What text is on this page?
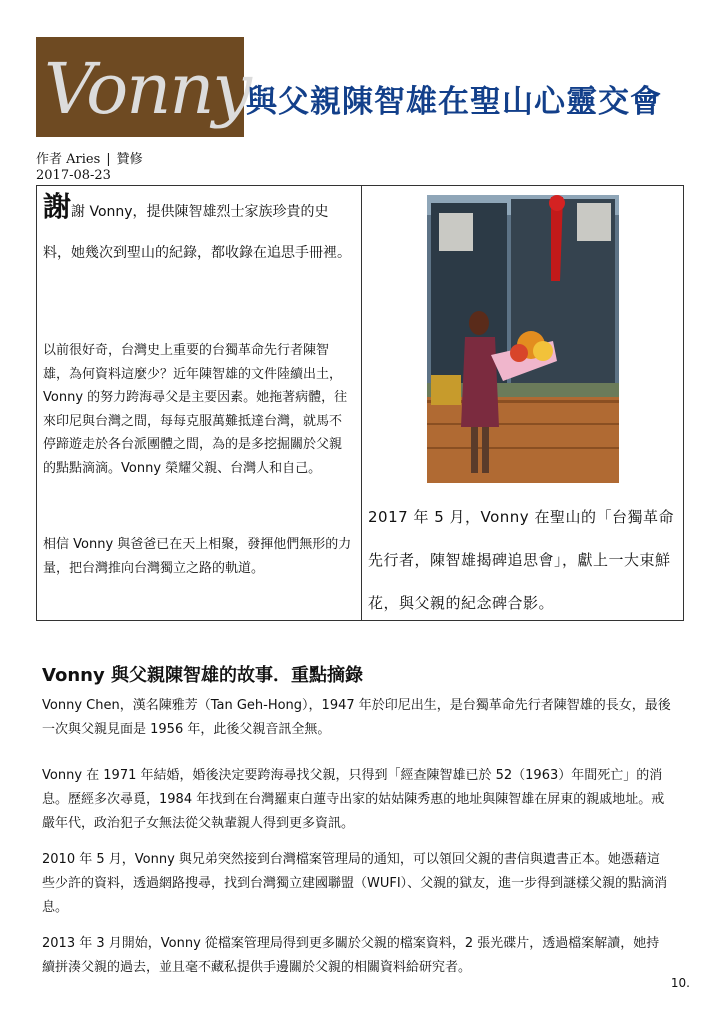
Vonny
與父親陳智雄在聖山心靈交會
作者 Aries | 贊修
2017-08-23
謝謝 Vonny，提供陳智雄烈士家族珍貴的史料，她幾次到聖山的紀錄，都收錄在追思手冊裡。
以前很好奇，台灣史上重要的台獨革命先行者陳智雄，為何資料這麼少？近年陳智雄的文件陸續出土，Vonny 的努力跨海尋父是主要因素。她拖著病體，往來印尼與台灣之間，每每克服萬難抵達台灣，就馬不停蹄遊走於各台派團體之間，為的是多挖掘關於父親的點點滴滴。Vonny 榮耀父親、台灣人和自己。
相信 Vonny 與爸爸已在天上相聚，發揮他們無形的力量，把台灣推向台灣獨立之路的軌道。
2017 年 5 月，Vonny 在聖山的「台獨革命先行者，陳智雄揭碑追思會」，獻上一大束鮮花，與父親的紀念碑合影。
Vonny 與父親陳智雄的故事．重點摘錄
Vonny Chen，漢名陳雅芳（Tan Geh-Hong），1947 年於印尼出生，是台獨革命先行者陳智雄的長女，最後一次與父親見面是 1956 年，此後父親音訊全無。
Vonny 在 1971 年結婚，婚後決定要跨海尋找父親，只得到「經查陳智雄已於 52（1963）年間死亡」的消息。歷經多次尋覓，1984 年找到在台灣羅東白蓮寺出家的姑姑陳秀惠的地址與陳智雄在屏東的親戚地址。戒嚴年代，政治犯子女無法從父執輩親人得到更多資訊。
2010 年 5 月，Vonny 與兄弟突然接到台灣檔案管理局的通知，可以領回父親的書信與遺書正本。她憑藉這些少許的資料，透過網路搜尋，找到台灣獨立建國聯盟（WUFI）、父親的獄友，進一步得到謎樣父親的點滴消息。
2013 年 3 月開始，Vonny 從檔案管理局得到更多關於父親的檔案資料，2 張光碟片，透過檔案解讀，她持續拼湊父親的過去，並且毫不藏私提供手邊關於父親的相關資料給研究者。
10.
